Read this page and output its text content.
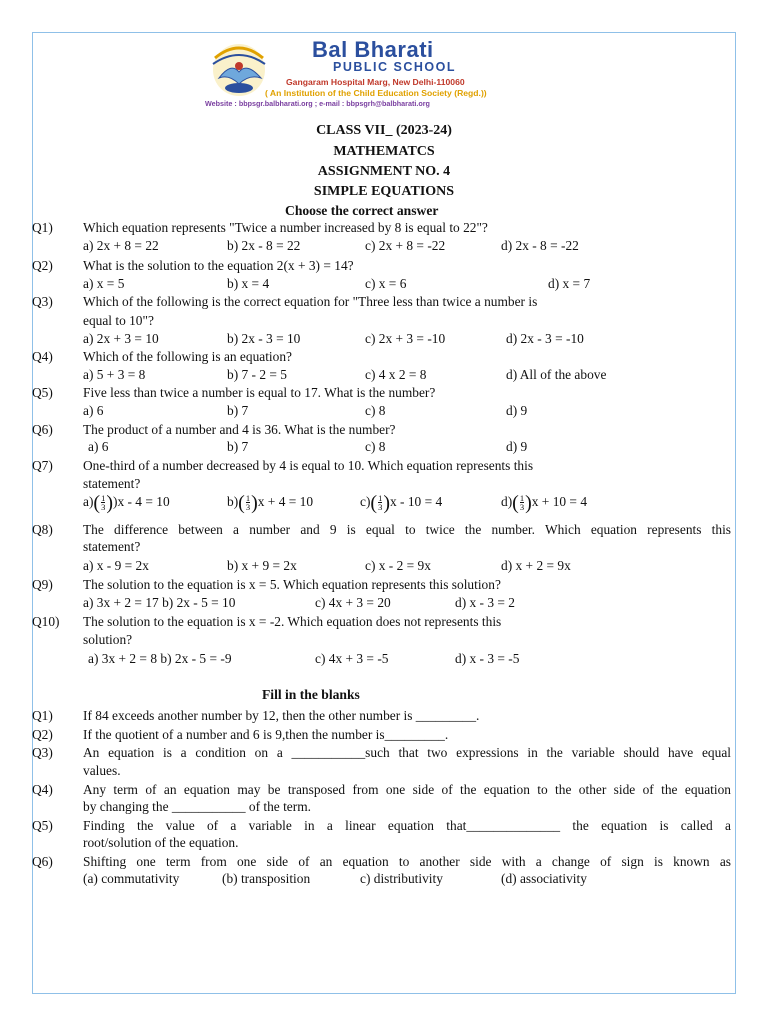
Bal Bharati
PUBLIC SCHOOL
Gangaram Hospital Marg, New Delhi-110060
( An Institution of the Child Education Society (Regd.))
Website : bbpsgr.balbharati.org ; e-mail : bbpsgrh@balbharati.org
CLASS VII_ (2023-24)
MATHEMATCS
ASSIGNMENT NO. 4
SIMPLE EQUATIONS
Choose the correct answer
Q1) Which equation represents "Twice a number increased by 8 is equal to 22"?
a) 2x + 8 = 22	b) 2x - 8 = 22	c) 2x + 8 = -22	d) 2x - 8 = -22
Q2) What is the solution to the equation 2(x + 3) = 14?
a) x = 5	b) x = 4	c) x = 6	d) x = 7
Q3) Which of the following is the correct equation for "Three less than twice a number is
equal to 10"?
a) 2x + 3 = 10	b) 2x - 3 = 10	c) 2x + 3 = -10	d) 2x - 3 = -10
Q4) Which of the following is an equation?
a) 5 + 3 = 8	b) 7 - 2 = 5	c) 4 x 2 = 8	d) All of the above
Q5) Five less than twice a number is equal to 17. What is the number?
a) 6	b) 7	c) 8	d) 9
Q6) The product of a number and 4 is 36. What is the number?
a) 6	b) 7	c) 8	d) 9
Q7) One-third of a number decreased by 4 is equal to 10. Which equation represents this
statement?
$a)( \frac{1}{3} ))x - 4 = 10$	$b)( \frac{1}{3} )x + 4 = 10$	$c)( \frac{1}{3} )x - 10 = 4$	$d)( \frac{1}{3} )x + 10 = 4$
Q8) The difference between a number and 9 is equal to twice the number. Which equation represents this
statement?
a) x - 9 = 2x	b) x + 9 = 2x	c) x - 2 = 9x	d) x + 2 = 9x
Q9) The solution to the equation is x = 5. Which equation represents this solution?
a) 3x + 2 = 17 b) 2x - 5 = 10	c) 4x + 3 = 20	d) x - 3 = 2
Q10) The solution to the equation is x = -2. Which equation does not represents this
solution?
a) 3x + 2 = 8 b) 2x - 5 = -9	c) 4x + 3 = -5	d) x - 3 = -5
Fill in the blanks
Q1) If 84 exceeds another number by 12, then the other number is _________.
Q2) If the quotient of a number and 6 is 9,then the number is_________.
Q3) An equation is a condition on a ___________such that two expressions in the variable should have equal
values.
Q4) Any term of an equation may be transposed from one side of the equation to the other side of the equation
by changing the ___________ of the term.
Q5) Finding the value of a variable in a linear equation that______________ the equation is called a
root/solution of the equation.
Q6) Shifting one term from one side of an equation to another side with a change of sign is known as
(a) commutativity	(b) transposition	c) distributivity	(d) associativity
